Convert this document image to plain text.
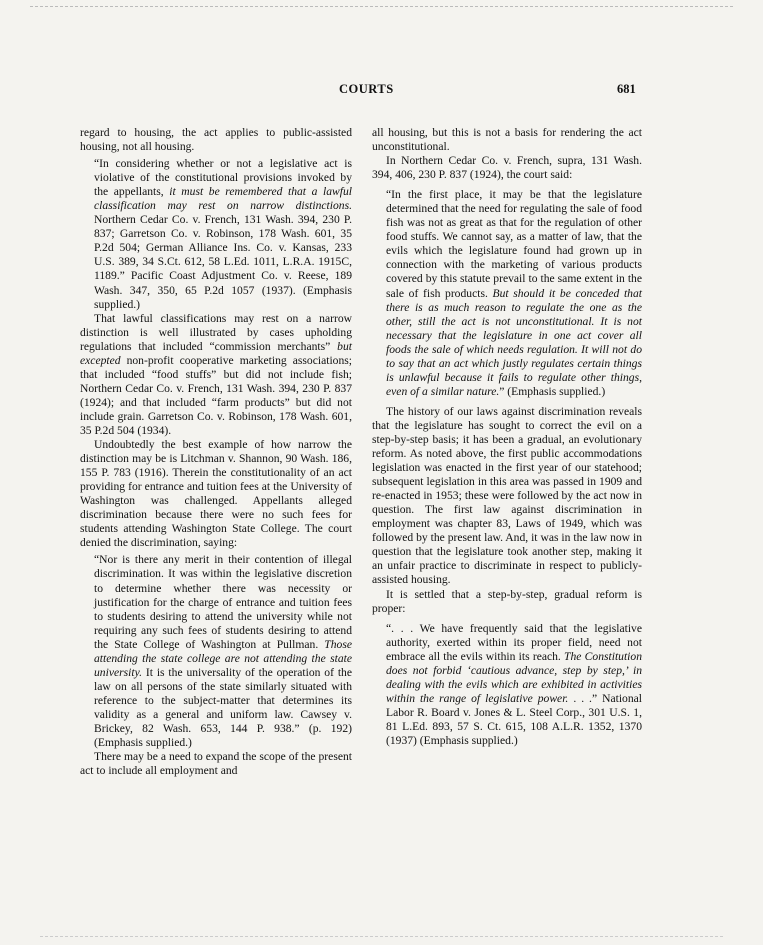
COURTS	681

regard to housing, the act applies to public-assisted housing, not all housing.

“In considering whether or not a legislative act is violative of the constitutional provisions invoked by the appellants, it must be remembered that a lawful classification may rest on narrow distinctions. Northern Cedar Co. v. French, 131 Wash. 394, 230 P. 837; Garretson Co. v. Robinson, 178 Wash. 601, 35 P.2d 504; German Alliance Ins. Co. v. Kansas, 233 U.S. 389, 34 S.Ct. 612, 58 L.Ed. 1011, L.R.A. 1915C, 1189.” Pacific Coast Adjustment Co. v. Reese, 189 Wash. 347, 350, 65 P.2d 1057 (1937). (Emphasis supplied.)

That lawful classifications may rest on a narrow distinction is well illustrated by cases upholding regulations that included “commission merchants” but excepted non-profit cooperative marketing associations; that included “food stuffs” but did not include fish; Northern Cedar Co. v. French, 131 Wash. 394, 230 P. 837 (1924); and that included “farm products” but did not include grain. Garretson Co. v. Robinson, 178 Wash. 601, 35 P.2d 504 (1934).

Undoubtedly the best example of how narrow the distinction may be is Litchman v. Shannon, 90 Wash. 186, 155 P. 783 (1916). Therein the constitutionality of an act providing for entrance and tuition fees at the University of Washington was challenged. Appellants alleged discrimination because there were no such fees for students attending Washington State College. The court denied the discrimination, saying:

“Nor is there any merit in their contention of illegal discrimination. It was within the legislative discretion to determine whether there was necessity or justification for the charge of entrance and tuition fees to students desiring to attend the university while not requiring any such fees of students desiring to attend the State College of Washington at Pullman. Those attending the state college are not attending the state university. It is the universality of the operation of the law on all persons of the state similarly situated with reference to the subject-matter that determines its validity as a general and uniform law. Cawsey v. Brickey, 82 Wash. 653, 144 P. 938.” (p. 192) (Emphasis supplied.)

There may be a need to expand the scope of the present act to include all employment and

all housing, but this is not a basis for rendering the act unconstitutional.

In Northern Cedar Co. v. French, supra, 131 Wash. 394, 406, 230 P. 837 (1924), the court said:

“In the first place, it may be that the legislature determined that the need for regulating the sale of food fish was not as great as that for the regulation of other food stuffs. We cannot say, as a matter of law, that the evils which the legislature found had grown up in connection with the marketing of various products covered by this statute prevail to the same extent in the sale of fish products. But should it be conceded that there is as much reason to regulate the one as the other, still the act is not unconstitutional. It is not necessary that the legislature in one act cover all foods the sale of which needs regulation. It will not do to say that an act which justly regulates certain things is unlawful because it fails to regulate other things, even of a similar nature.” (Emphasis supplied.)

The history of our laws against discrimination reveals that the legislature has sought to correct the evil on a step-by-step basis; it has been a gradual, an evolutionary reform. As noted above, the first public accommodations legislation was enacted in the first year of our statehood; subsequent legislation in this area was passed in 1909 and re-enacted in 1953; these were followed by the act now in question. The first law against discrimination in employment was chapter 83, Laws of 1949, which was followed by the present law. And, it was in the law now in question that the legislature took another step, making it an unfair practice to discriminate in respect to publicly-assisted housing.

It is settled that a step-by-step, gradual reform is proper:

“. . . We have frequently said that the legislative authority, exerted within its proper field, need not embrace all the evils within its reach. The Constitution does not forbid ‘cautious advance, step by step,’ in dealing with the evils which are exhibited in activities within the range of legislative power. . . .” National Labor R. Board v. Jones & L. Steel Corp., 301 U.S. 1, 81 L.Ed. 893, 57 S. Ct. 615, 108 A.L.R. 1352, 1370 (1937) (Emphasis supplied.)
